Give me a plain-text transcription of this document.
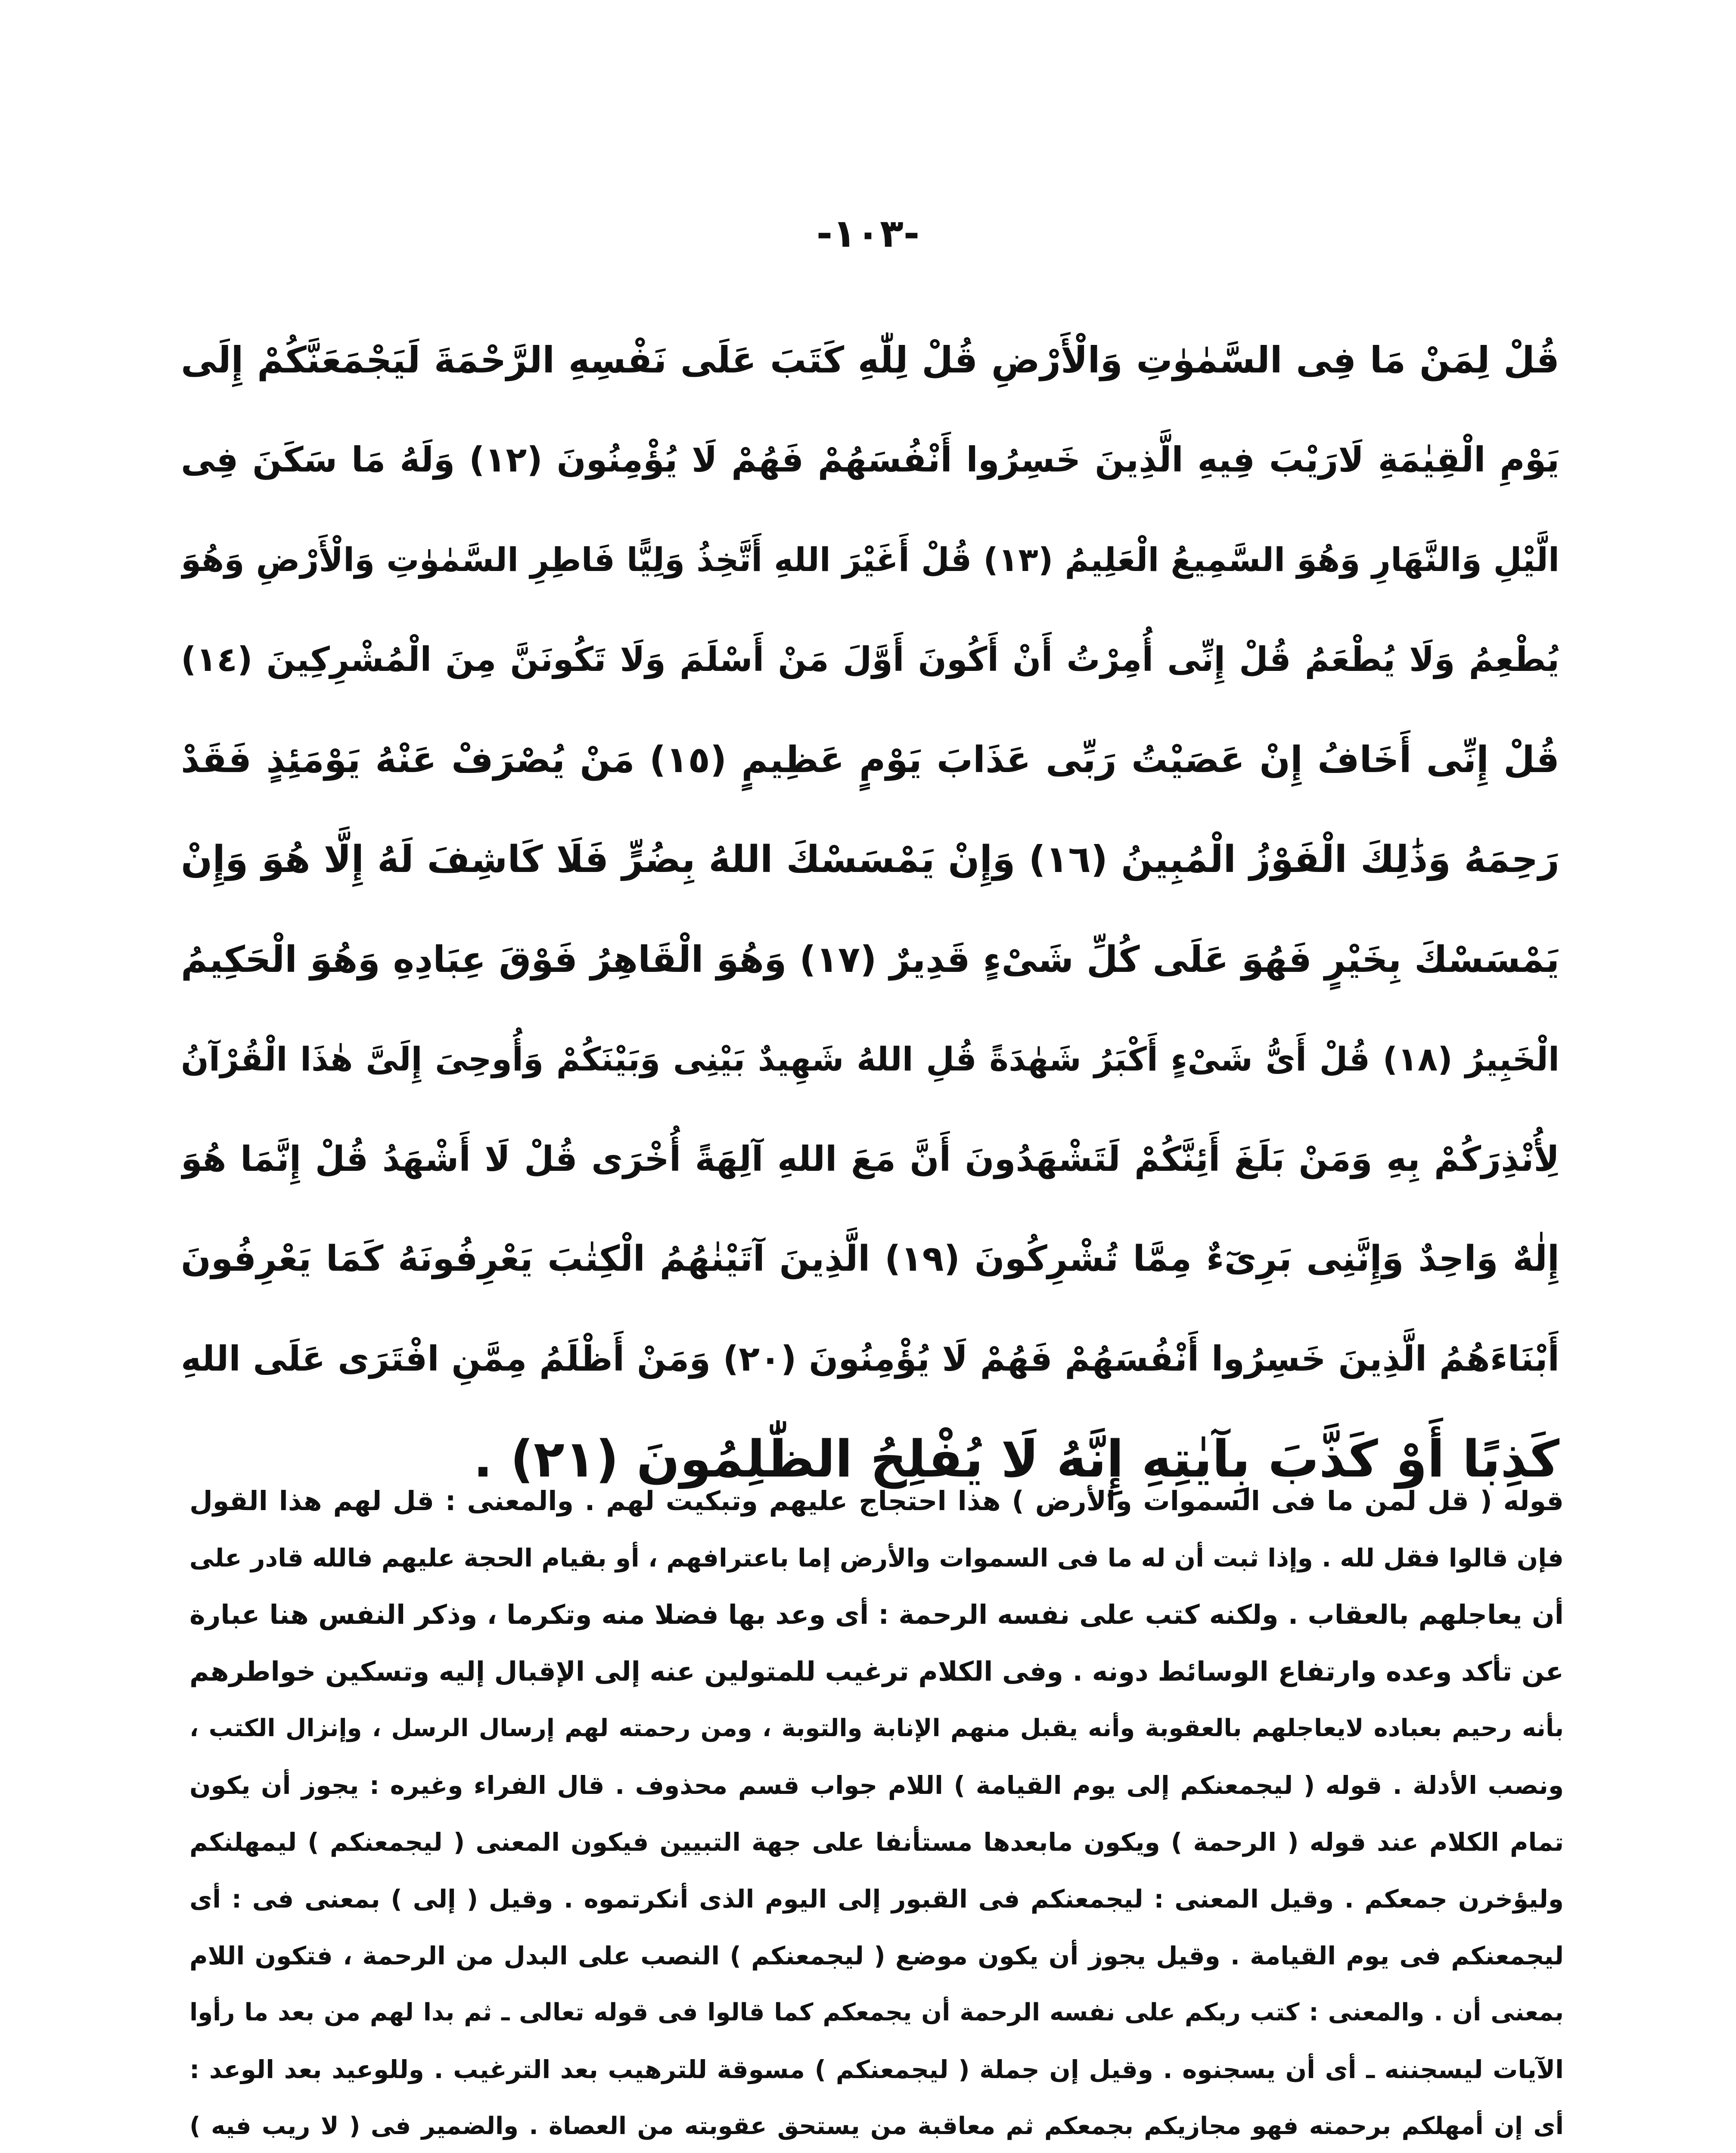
-١٠٣-
قُلْ لِمَنْ مَا فِى السَّمٰوٰتِ وَالْأَرْضِ قُلْ لِلّٰهِ كَتَبَ عَلَى نَفْسِهِ الرَّحْمَةَ لَيَجْمَعَنَّكُمْ إِلَى
يَوْمِ الْقِيٰمَةِ لَارَيْبَ فِيهِ الَّذِينَ خَسِرُوا أَنْفُسَهُمْ فَهُمْ لَا يُؤْمِنُونَ (١٢) وَلَهُ مَا سَكَنَ فِى
الَّيْلِ وَالنَّهَارِ وَهُوَ السَّمِيعُ الْعَلِيمُ (١٣) قُلْ أَغَيْرَ اللهِ أَتَّخِذُ وَلِيًّا فَاطِرِ السَّمٰوٰتِ وَالْأَرْضِ وَهُوَ
يُطْعِمُ وَلَا يُطْعَمُ قُلْ إِنِّى أُمِرْتُ أَنْ أَكُونَ أَوَّلَ مَنْ أَسْلَمَ وَلَا تَكُونَنَّ مِنَ الْمُشْرِكِينَ (١٤)
قُلْ إِنِّى أَخَافُ إِنْ عَصَيْتُ رَبِّى عَذَابَ يَوْمٍ عَظِيمٍ (١٥) مَنْ يُصْرَفْ عَنْهُ يَوْمَئِذٍ فَقَدْ
رَحِمَهُ وَذَٰلِكَ الْفَوْزُ الْمُبِينُ (١٦) وَإِنْ يَمْسَسْكَ اللهُ بِضُرٍّ فَلَا كَاشِفَ لَهُ إِلَّا هُوَ وَإِنْ
يَمْسَسْكَ بِخَيْرٍ فَهُوَ عَلَى كُلِّ شَىْءٍ قَدِيرٌ (١٧) وَهُوَ الْقَاهِرُ فَوْقَ عِبَادِهِ وَهُوَ الْحَكِيمُ
الْخَبِيرُ (١٨) قُلْ أَىُّ شَىْءٍ أَكْبَرُ شَهٰدَةً قُلِ اللهُ شَهِيدٌ بَيْنِى وَبَيْنَكُمْ وَأُوحِىَ إِلَىَّ هٰذَا الْقُرْآنُ
لِأُنْذِرَكُمْ بِهِ وَمَنْ بَلَغَ أَئِنَّكُمْ لَتَشْهَدُونَ أَنَّ مَعَ اللهِ آلِهَةً أُخْرَى قُلْ لَا أَشْهَدُ قُلْ إِنَّمَا هُوَ
إِلٰهٌ وَاحِدٌ وَإِنَّنِى بَرِىٓءٌ مِمَّا تُشْرِكُونَ (١٩) الَّذِينَ آتَيْنٰهُمُ الْكِتٰبَ يَعْرِفُونَهُ كَمَا يَعْرِفُونَ
أَبْنَاءَهُمُ الَّذِينَ خَسِرُوا أَنْفُسَهُمْ فَهُمْ لَا يُؤْمِنُونَ (٢٠) وَمَنْ أَظْلَمُ مِمَّنِ افْتَرَى عَلَى اللهِ
كَذِبًا أَوْ كَذَّبَ بِآيٰتِهِ إِنَّهُ لَا يُفْلِحُ الظّٰلِمُونَ (٢١) .
قوله ( قل لمن ما فى السموات والأرض ) هذا احتجاج عليهم وتبكيت لهم . والمعنى : قل لهم هذا القول
فإن قالوا فقل لله . وإذا ثبت أن له ما فى السموات والأرض إما باعترافهم ، أو بقيام الحجة عليهم فالله قادر على
أن يعاجلهم بالعقاب . ولكنه كتب على نفسه الرحمة : أى وعد بها فضلا منه وتكرما ، وذكر النفس هنا عبارة
عن تأكد وعده وارتفاع الوسائط دونه . وفى الكلام ترغيب للمتولين عنه إلى الإقبال إليه وتسكين خواطرهم
بأنه رحيم بعباده لايعاجلهم بالعقوبة وأنه يقبل منهم الإنابة والتوبة ، ومن رحمته لهم إرسال الرسل ، وإنزال الكتب ،
ونصب الأدلة . قوله ( ليجمعنكم إلى يوم القيامة ) اللام جواب قسم محذوف . قال الفراء وغيره : يجوز أن يكون
تمام الكلام عند قوله ( الرحمة ) ويكون مابعدها مستأنفا على جهة التبيين فيكون المعنى ( ليجمعنكم ) ليمهلنكم
وليؤخرن جمعكم . وقيل المعنى : ليجمعنكم فى القبور إلى اليوم الذى أنكرتموه . وقيل ( إلى ) بمعنى فى : أى
ليجمعنكم فى يوم القيامة . وقيل يجوز أن يكون موضع ( ليجمعنكم ) النصب على البدل من الرحمة ، فتكون اللام
بمعنى أن . والمعنى : كتب ربكم على نفسه الرحمة أن يجمعكم كما قالوا فى قوله تعالى ـ ثم بدا لهم من بعد ما رأوا
الآيات ليسجننه ـ أى أن يسجنوه . وقيل إن جملة ( ليجمعنكم ) مسوقة للترهيب بعد الترغيب . وللوعيد بعد الوعد :
أى إن أمهلكم برحمته فهو مجازيكم بجمعكم ثم معاقبة من يستحق عقوبته من العصاة . والضمير فى ( لا ريب فيه )
